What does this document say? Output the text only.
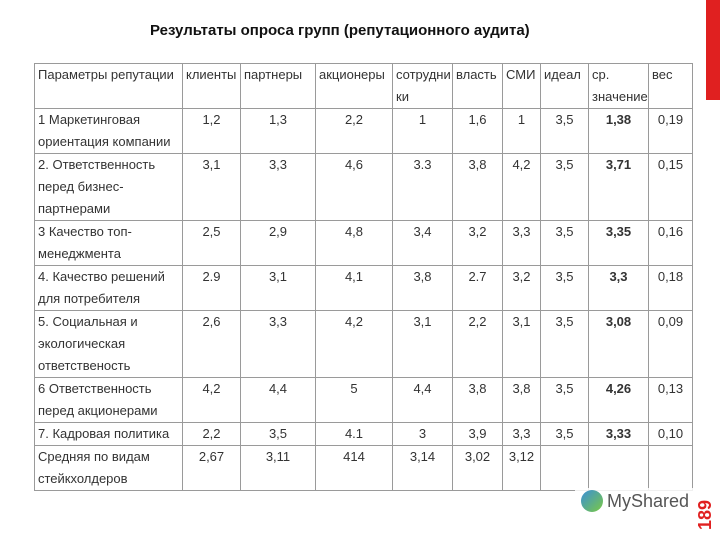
Результаты опроса групп (репутационного аудита)
Параметры репутации	клиенты	партнеры	акционеры	сотрудни ки	власть	СМИ	идеал	ср. значение	вес
1 Маркетинговая ориентация компании	1,2	1,3	2,2	1	1,6	1	3,5	1,38	0,19
2. Ответственность перед бизнес-партнерами	3,1	3,3	4,6	3.3	3,8	4,2	3,5	3,71	0,15
3 Качество топ-менеджмента	2,5	2,9	4,8	3,4	3,2	3,3	3,5	3,35	0,16
4. Качество решений для потребителя	2.9	3,1	4,1	3,8	2.7	3,2	3,5	3,3	0,18
5. Социальная и экологическая ответственость	2,6	3,3	4,2	3,1	2,2	3,1	3,5	3,08	0,09
6 Ответственность перед акционерами	4,2	4,4	5	4,4	3,8	3,8	3,5	4,26	0,13
7. Кадровая политика	2,2	3,5	4.1	3	3,9	3,3	3,5	3,33	0,10
Средняя по видам стейкхолдеров	2,67	3,11	414	3,14	3,02	3,12			
MyShared 189
